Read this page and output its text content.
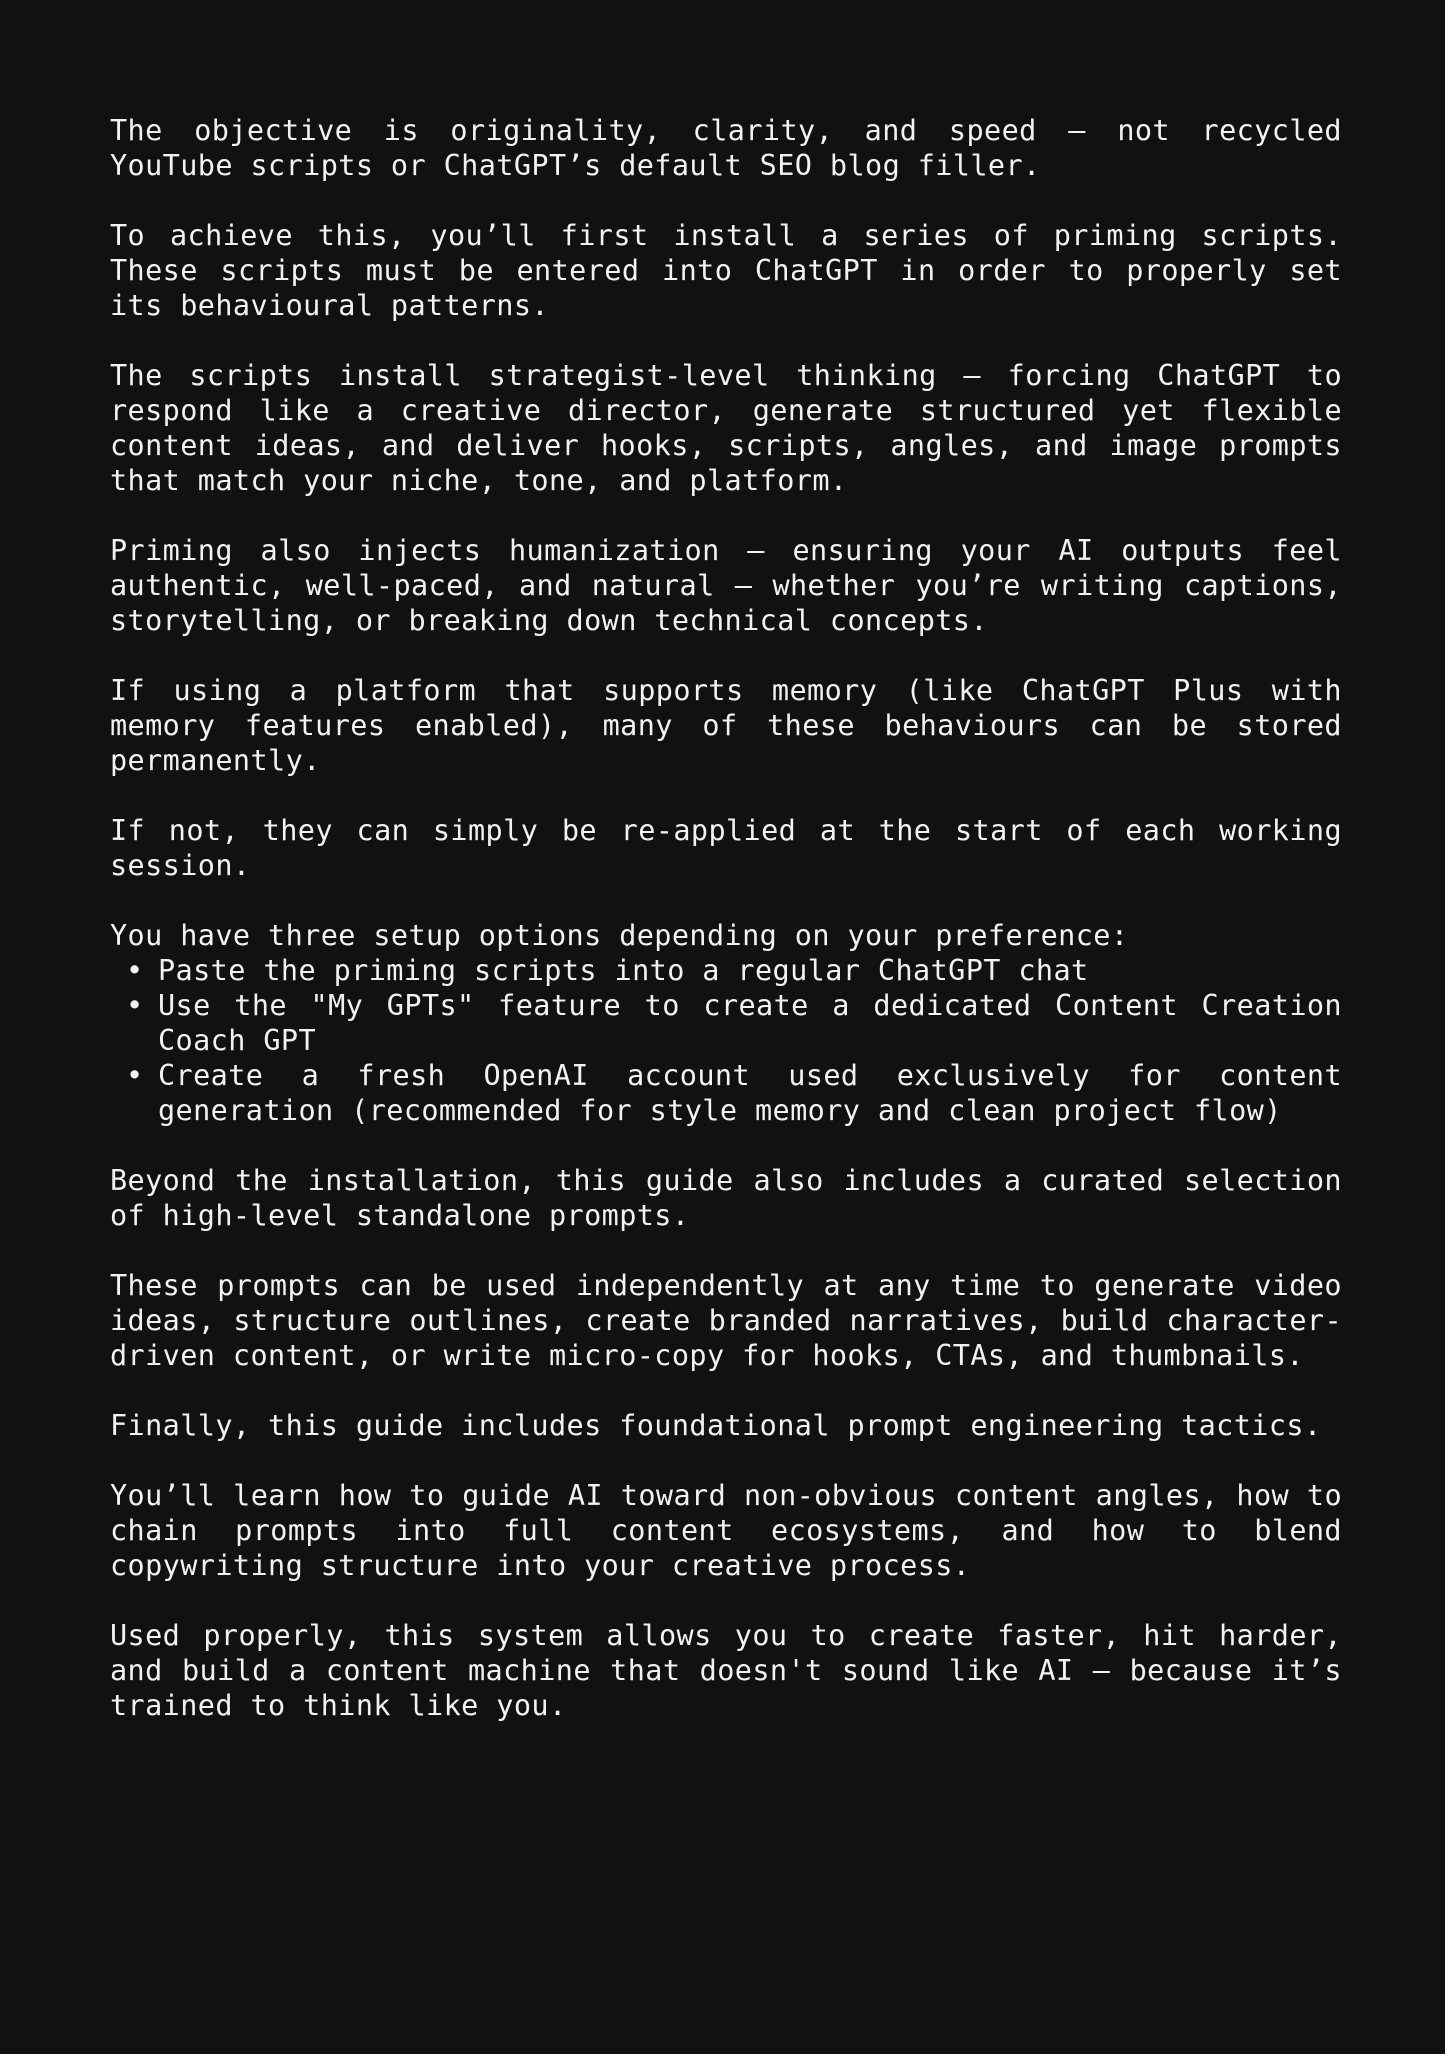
The objective is originality, clarity, and speed — not recycled YouTube scripts or ChatGPT’s default SEO blog filler.

To achieve this, you’ll first install a series of priming scripts. These scripts must be entered into ChatGPT in order to properly set its behavioural patterns.

The scripts install strategist-level thinking — forcing ChatGPT to respond like a creative director, generate structured yet flexible content ideas, and deliver hooks, scripts, angles, and image prompts that match your niche, tone, and platform.

Priming also injects humanization — ensuring your AI outputs feel authentic, well-paced, and natural — whether you’re writing captions, storytelling, or breaking down technical concepts.

If using a platform that supports memory (like ChatGPT Plus with memory features enabled), many of these behaviours can be stored permanently.

If not, they can simply be re-applied at the start of each working session.

You have three setup options depending on your preference:

• Paste the priming scripts into a regular ChatGPT chat
• Use the "My GPTs" feature to create a dedicated Content Creation Coach GPT
• Create a fresh OpenAI account used exclusively for content generation (recommended for style memory and clean project flow)

Beyond the installation, this guide also includes a curated selection of high-level standalone prompts.

These prompts can be used independently at any time to generate video ideas, structure outlines, create branded narratives, build character-driven content, or write micro-copy for hooks, CTAs, and thumbnails.

Finally, this guide includes foundational prompt engineering tactics.

You’ll learn how to guide AI toward non-obvious content angles, how to chain prompts into full content ecosystems, and how to blend copywriting structure into your creative process.

Used properly, this system allows you to create faster, hit harder, and build a content machine that doesn't sound like AI — because it’s trained to think like you.
